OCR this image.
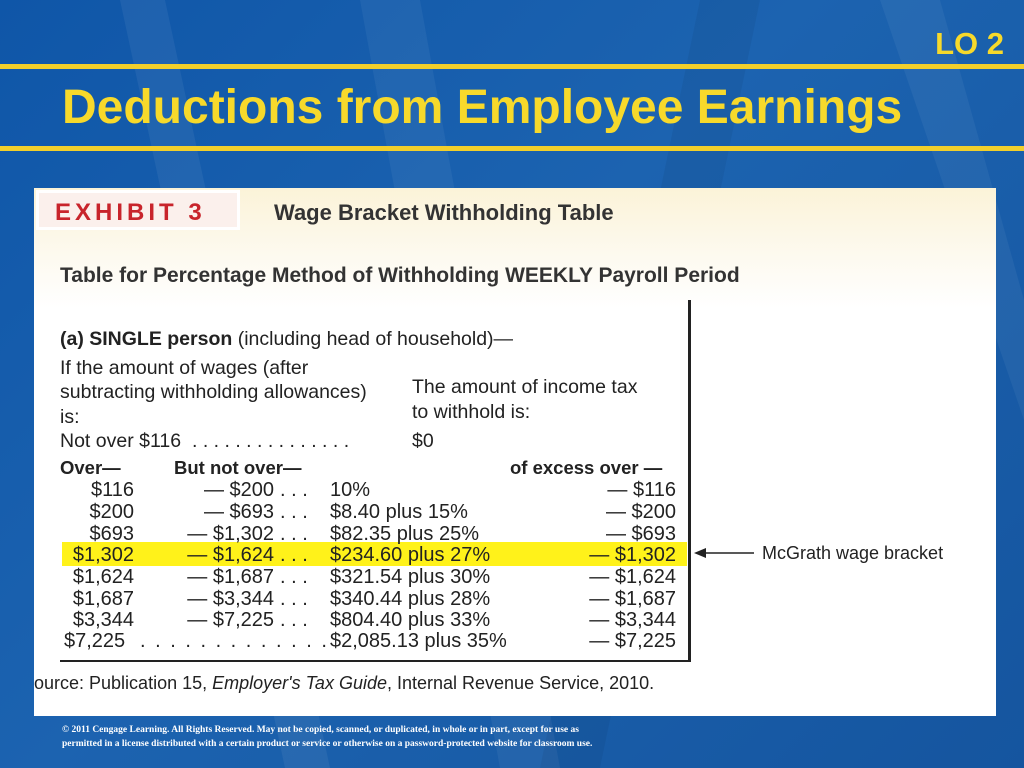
LO 2
Deductions from Employee Earnings
EXHIBIT 3	Wage Bracket Withholding Table
Table for Percentage Method of Withholding WEEKLY Payroll Period
(a) SINGLE person (including head of household)—
If the amount of wages (after
subtracting withholding allowances)
is:
The amount of income tax
to withhold is:
Not over $116 . . . . . . . . . . . . . . .	$0
Over—	But not over—	of excess over —
$116	— $200 . . . 10%	— $116
$200	— $693 . . . $8.40 plus 15%	— $200
$693	— $1,302 . . . $82.35 plus 25%	— $693
$1,302	— $1,624 . . . $234.60 plus 27%	— $1,302
$1,624	— $1,687 . . . $321.54 plus 30%	— $1,624
$1,687	— $3,344 . . . $340.44 plus 28%	— $1,687
$3,344	— $7,225 . . . $804.40 plus 33%	— $3,344
$7,225 . . . . . . . . . . . . . $2,085.13 plus 35%	— $7,225
McGrath wage bracket
ource: Publication 15, Employer's Tax Guide, Internal Revenue Service, 2010.
© 2011 Cengage Learning. All Rights Reserved. May not be copied, scanned, or duplicated, in whole or in part, except for use as
permitted in a license distributed with a certain product or service or otherwise on a password-protected website for classroom use.
